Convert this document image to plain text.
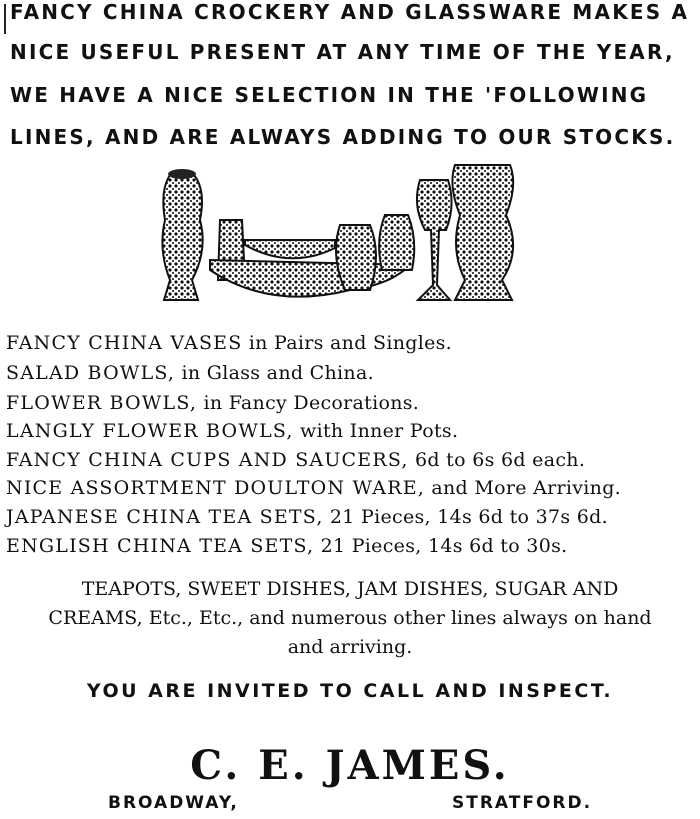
FANCY CHINA CROCKERY AND GLASSWARE MAKES A
NICE USEFUL PRESENT AT ANY TIME OF THE YEAR,
WE HAVE A NICE SELECTION IN THE 'FOLLOWING
LINES, AND ARE ALWAYS ADDING TO OUR STOCKS.
FANCY CHINA VASES in Pairs and Singles.
SALAD BOWLS, in Glass and China.
FLOWER BOWLS, in Fancy Decorations.
LANGLY FLOWER BOWLS, with Inner Pots.
FANCY CHINA CUPS AND SAUCERS, 6d to 6s 6d each.
NICE ASSORTMENT DOULTON WARE, and More Arriving.
JAPANESE CHINA TEA SETS, 21 Pieces, 14s 6d to 37s 6d.
ENGLISH CHINA TEA SETS, 21 Pieces, 14s 6d to 30s.
TEAPOTS, SWEET DISHES, JAM DISHES, SUGAR AND
CREAMS, Etc., Etc., and numerous other lines always on hand
and arriving.
YOU ARE INVITED TO CALL AND INSPECT.
C. E. JAMES.
BROADWAY,	STRATFORD.
